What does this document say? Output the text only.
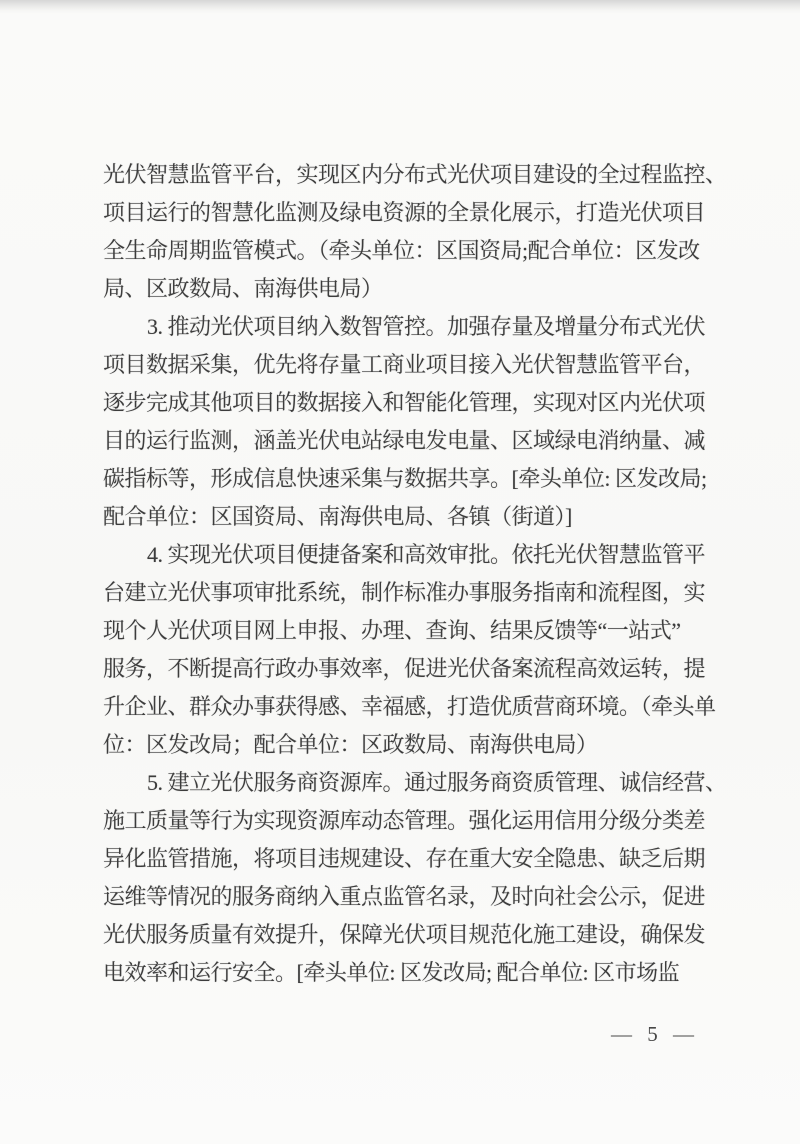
光伏智慧监管平台，实现区内分布式光伏项目建设的全过程监控、
项目运行的智慧化监测及绿电资源的全景化展示，打造光伏项目
全生命周期监管模式。（牵头单位：区国资局;配合单位：区发改
局、区政数局、南海供电局）
3. 推动光伏项目纳入数智管控。加强存量及增量分布式光伏
项目数据采集，优先将存量工商业项目接入光伏智慧监管平台，
逐步完成其他项目的数据接入和智能化管理，实现对区内光伏项
目的运行监测，涵盖光伏电站绿电发电量、区域绿电消纳量、减
碳指标等，形成信息快速采集与数据共享。[牵头单位: 区发改局;
配合单位：区国资局、南海供电局、各镇（街道）]
4. 实现光伏项目便捷备案和高效审批。依托光伏智慧监管平
台建立光伏事项审批系统，制作标准办事服务指南和流程图，实
现个人光伏项目网上申报、办理、查询、结果反馈等“一站式”
服务，不断提高行政办事效率，促进光伏备案流程高效运转，提
升企业、群众办事获得感、幸福感，打造优质营商环境。（牵头单
位：区发改局；配合单位：区政数局、南海供电局）
5. 建立光伏服务商资源库。通过服务商资质管理、诚信经营、
施工质量等行为实现资源库动态管理。强化运用信用分级分类差
异化监管措施，将项目违规建设、存在重大安全隐患、缺乏后期
运维等情况的服务商纳入重点监管名录，及时向社会公示，促进
光伏服务质量有效提升，保障光伏项目规范化施工建设，确保发
电效率和运行安全。[牵头单位: 区发改局; 配合单位: 区市场监
— 5 —
